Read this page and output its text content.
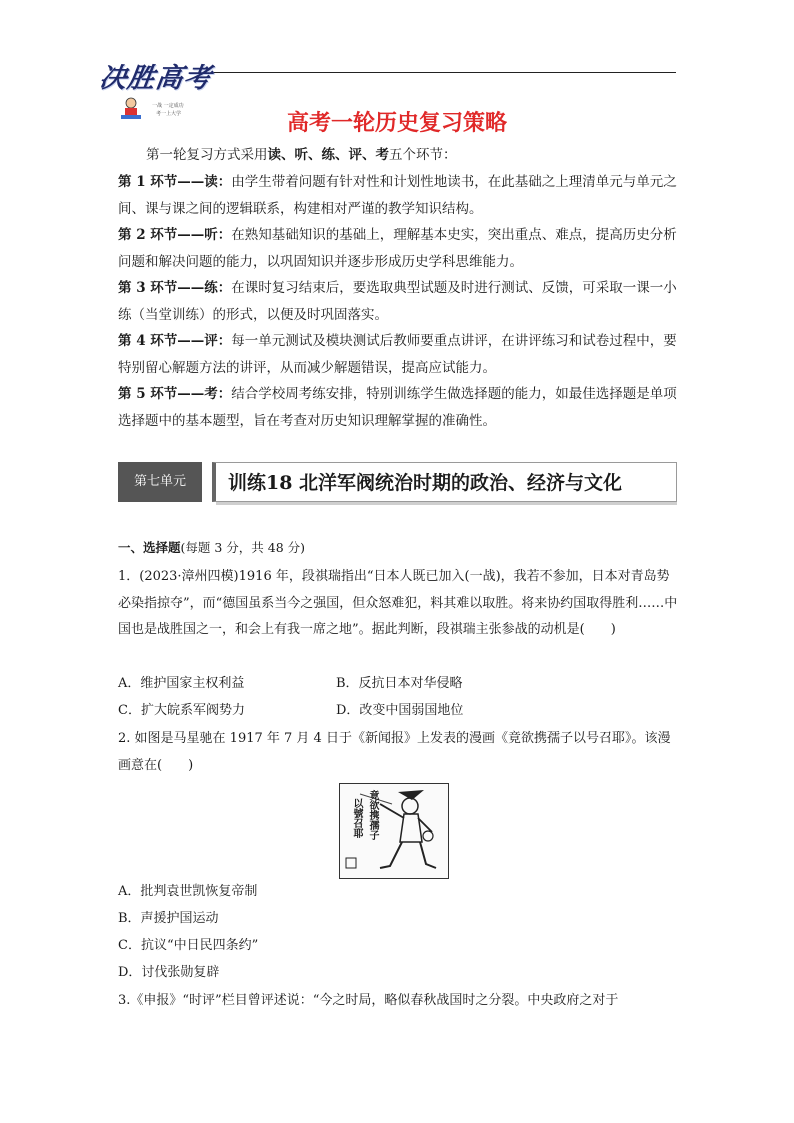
决胜高考
一战 一定成功
考一上大学	高考一轮历史复习策略
第一轮复习方式采用读、听、练、评、考五个环节：
第 1 环节——读：由学生带着问题有针对性和计划性地读书，在此基础之上理清单元与单元之间、课与课之间的逻辑联系，构建相对严谨的教学知识结构。
第 2 环节——听：在熟知基础知识的基础上，理解基本史实，突出重点、难点，提高历史分析问题和解决问题的能力，以巩固知识并逐步形成历史学科思维能力。
第 3 环节——练：在课时复习结束后，要选取典型试题及时进行测试、反馈，可采取一课一小练（当堂训练）的形式，以便及时巩固落实。
第 4 环节——评：每一单元测试及模块测试后教师要重点讲评，在讲评练习和试卷过程中，要特别留心解题方法的讲评，从而减少解题错误，提高应试能力。
第 5 环节——考：结合学校周考练安排，特别训练学生做选择题的能力，如最佳选择题是单项选择题中的基本题型，旨在考查对历史知识理解掌握的准确性。
第七单元	训练18 北洋军阀统治时期的政治、经济与文化
一、选择题(每题 3 分，共 48 分)
1．(2023·漳州四模)1916 年，段祺瑞指出“日本人既已加入(一战)，我若不参加，日本对青岛势必染指掠夺”，而“德国虽系当今之强国，但众怒难犯，料其难以取胜。将来协约国取得胜利……中国也是战胜国之一，和会上有我一席之地”。据此判断，段祺瑞主张参战的动机是(　　)
A．维护国家主权利益	B．反抗日本对华侵略
C．扩大皖系军阀势力	D．改变中国弱国地位
2. 如图是马星驰在 1917 年 7 月 4 日于《新闻报》上发表的漫画《竟欲携孺子以号召耶》。该漫画意在(　　)
竟欲携孺子
以號召耶
A．批判袁世凯恢复帝制
B．声援护国运动
C．抗议“中日民四条约”
D．讨伐张勋复辟
3.《申报》“时评”栏目曾评述说：“今之时局，略似春秋战国时之分裂。中央政府之对于
